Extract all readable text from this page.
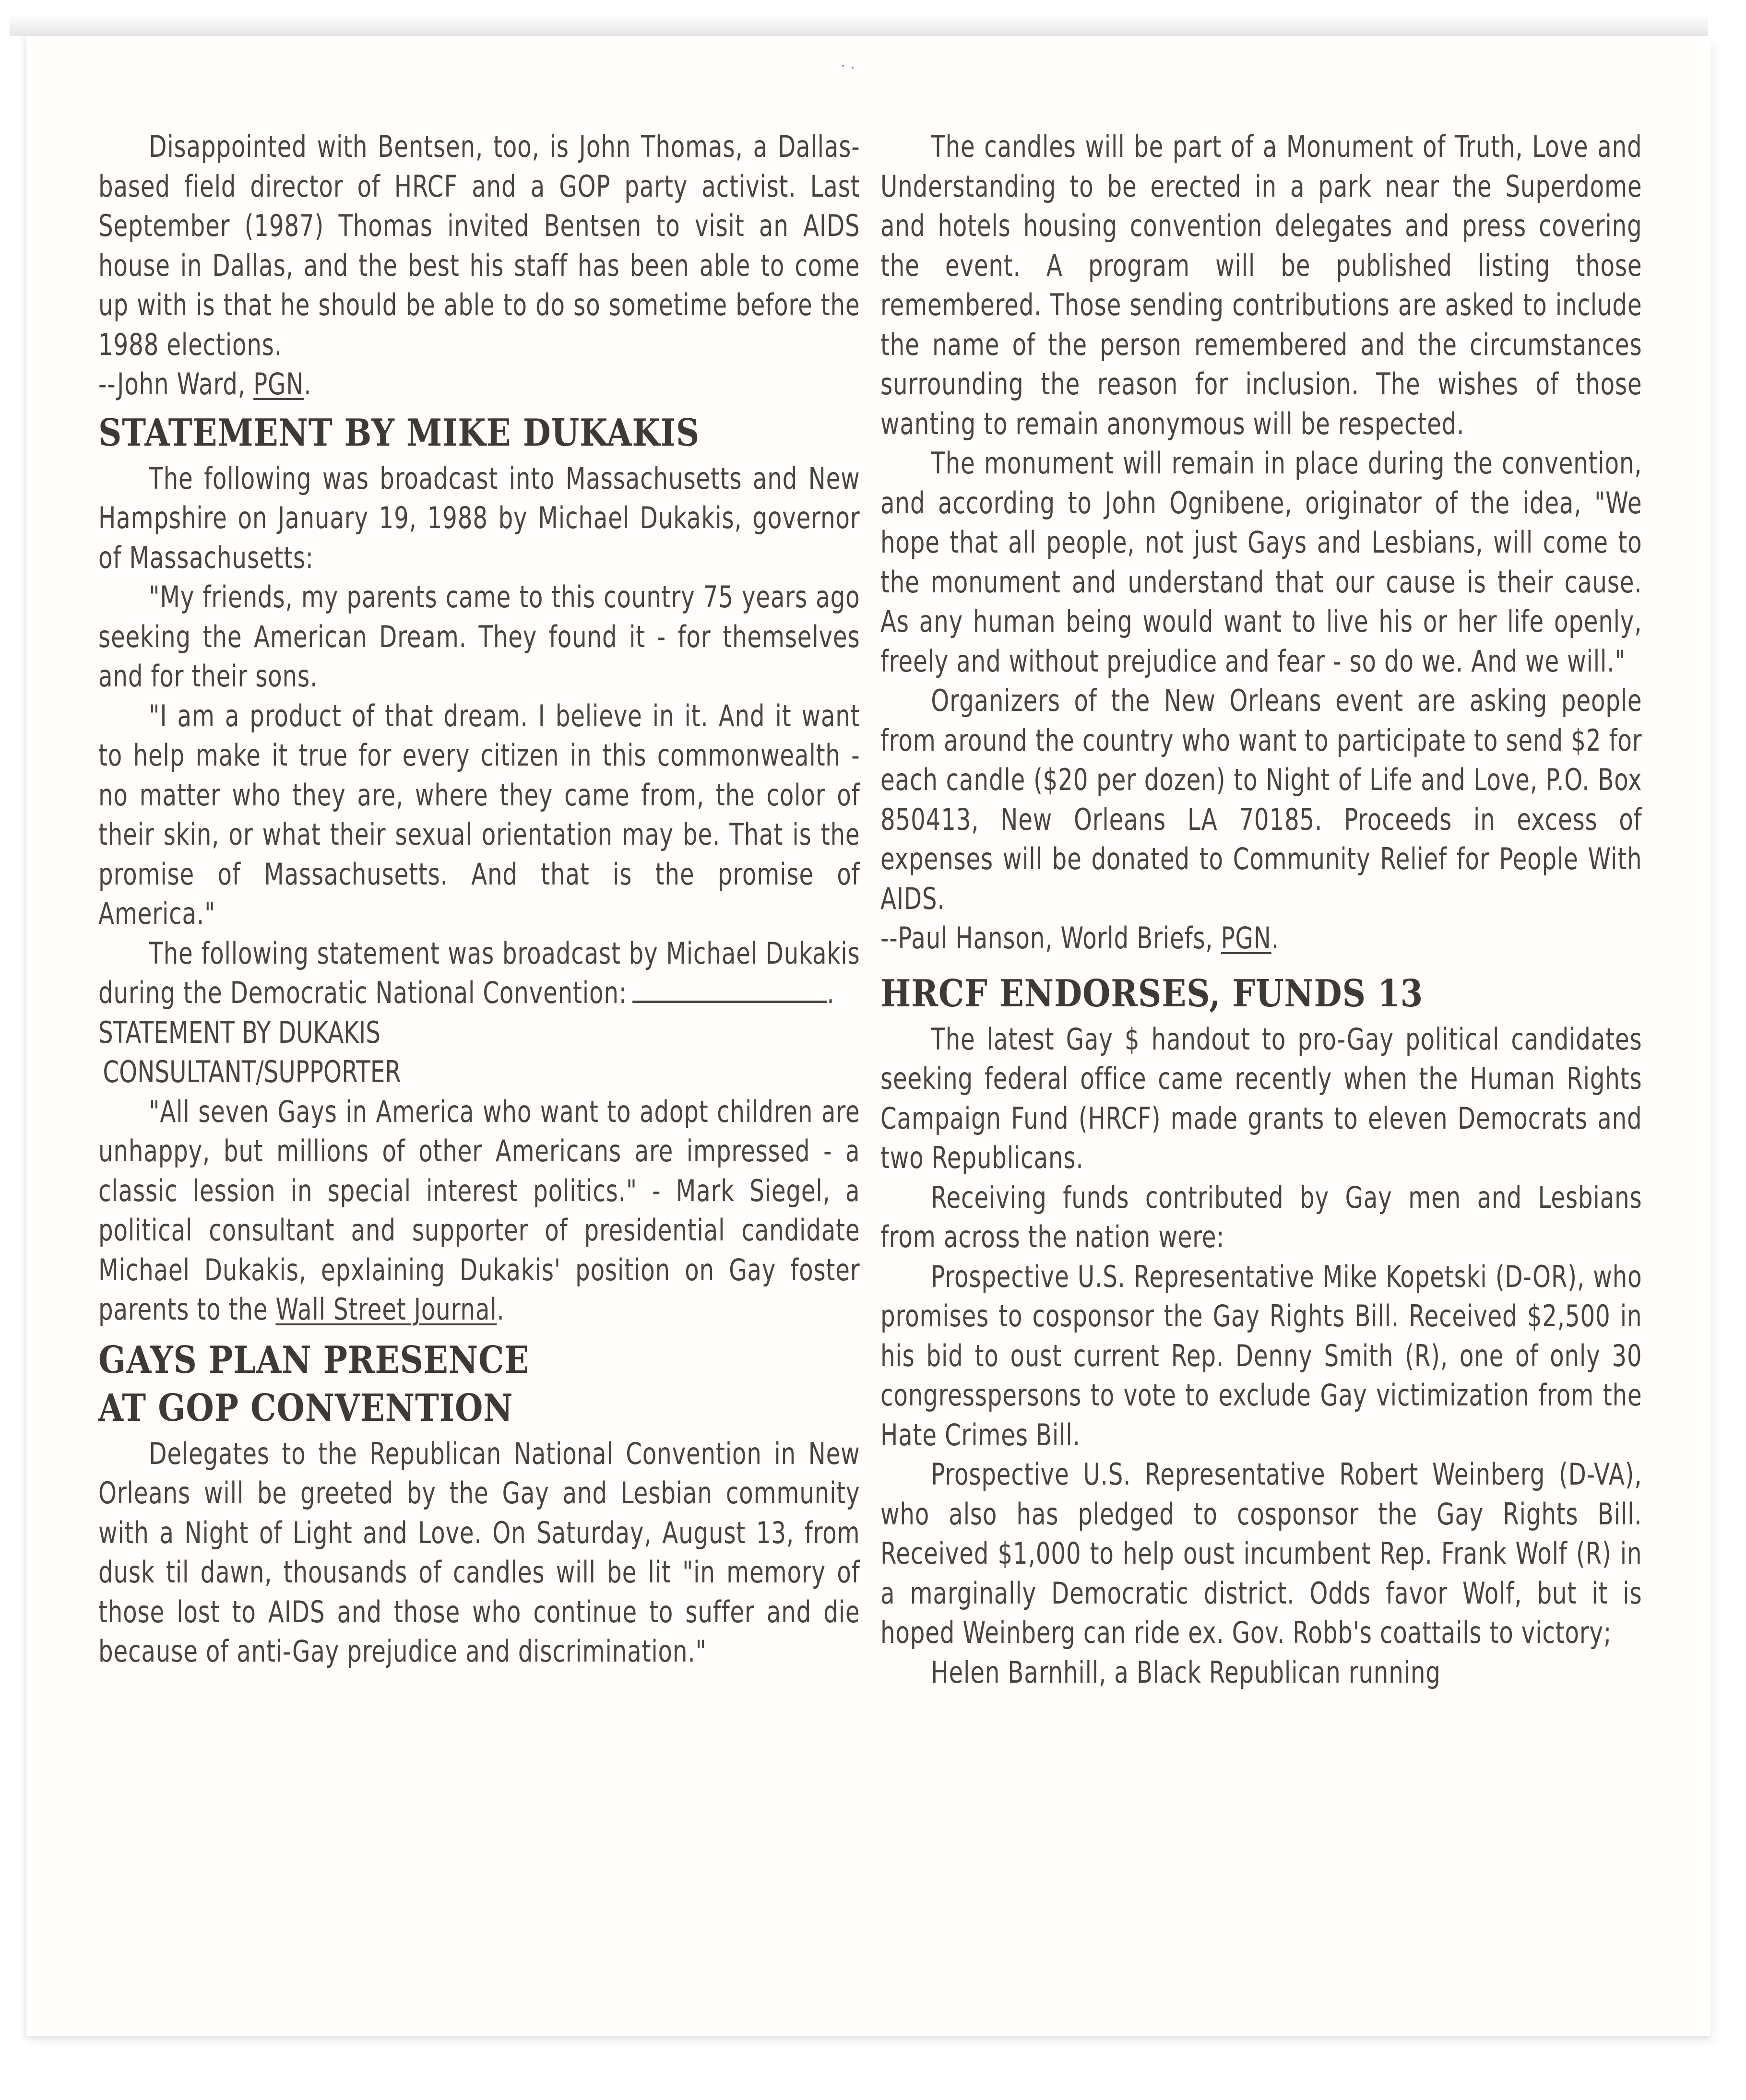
Disappointed with Bentsen, too, is John Thomas, a Dallas-based field director of HRCF and a GOP party activist. Last September (1987) Thomas invited Bentsen to visit an AIDS house in Dallas, and the best his staff has been able to come up with is that he should be able to do so sometime before the 1988 elections.

--John Ward, PGN.

STATEMENT BY MIKE DUKAKIS

The following was broadcast into Massachusetts and New Hampshire on January 19, 1988 by Michael Dukakis, governor of Massachusetts:

"My friends, my parents came to this country 75 years ago seeking the American Dream. They found it - for themselves and for their sons.

"I am a product of that dream. I believe in it. And it want to help make it true for every citizen in this commonwealth - no matter who they are, where they came from, the color of their skin, or what their sexual orientation may be. That is the promise of Massachusetts. And that is the promise of America."

The following statement was broadcast by Michael Dukakis during the Democratic National Convention:	.

STATEMENT BY DUKAKIS

CONSULTANT/SUPPORTER

"All seven Gays in America who want to adopt children are unhappy, but millions of other Americans are impressed - a classic lession in special interest politics." - Mark Siegel, a political consultant and supporter of presidential candidate Michael Dukakis, epxlaining Dukakis' position on Gay foster parents to the Wall Street Journal.

GAYS PLAN PRESENCE
AT GOP CONVENTION

Delegates to the Republican National Convention in New Orleans will be greeted by the Gay and Lesbian community with a Night of Light and Love. On Saturday, August 13, from dusk til dawn, thousands of candles will be lit "in memory of those lost to AIDS and those who continue to suffer and die because of anti-Gay prejudice and discrimination."

The candles will be part of a Monument of Truth, Love and Understanding to be erected in a park near the Superdome and hotels housing convention delegates and press covering the event. A program will be published listing those remembered. Those sending contributions are asked to include the name of the person remembered and the circumstances surrounding the reason for inclusion. The wishes of those wanting to remain anonymous will be respected.

The monument will remain in place during the convention, and according to John Ognibene, originator of the idea, "We hope that all people, not just Gays and Lesbians, will come to the monument and understand that our cause is their cause. As any human being would want to live his or her life openly, freely and without prejudice and fear - so do we. And we will."

Organizers of the New Orleans event are asking people from around the country who want to participate to send $2 for each candle ($20 per dozen) to Night of Life and Love, P.O. Box 850413, New Orleans LA 70185. Proceeds in excess of expenses will be donated to Community Relief for People With AIDS.

--Paul Hanson, World Briefs, PGN.

HRCF ENDORSES, FUNDS 13

The latest Gay $ handout to pro-Gay political candidates seeking federal office came recently when the Human Rights Campaign Fund (HRCF) made grants to eleven Democrats and two Republicans.

Receiving funds contributed by Gay men and Lesbians from across the nation were:

Prospective U.S. Representative Mike Kopetski (D-OR), who promises to cosponsor the Gay Rights Bill. Received $2,500 in his bid to oust current Rep. Denny Smith (R), one of only 30 congresspersons to vote to exclude Gay victimization from the Hate Crimes Bill.

Prospective U.S. Representative Robert Weinberg (D-VA), who also has pledged to cosponsor the Gay Rights Bill. Received $1,000 to help oust incumbent Rep. Frank Wolf (R) in a marginally Democratic district. Odds favor Wolf, but it is hoped Weinberg can ride ex. Gov. Robb's coattails to victory;

Helen Barnhill, a Black Republican running
